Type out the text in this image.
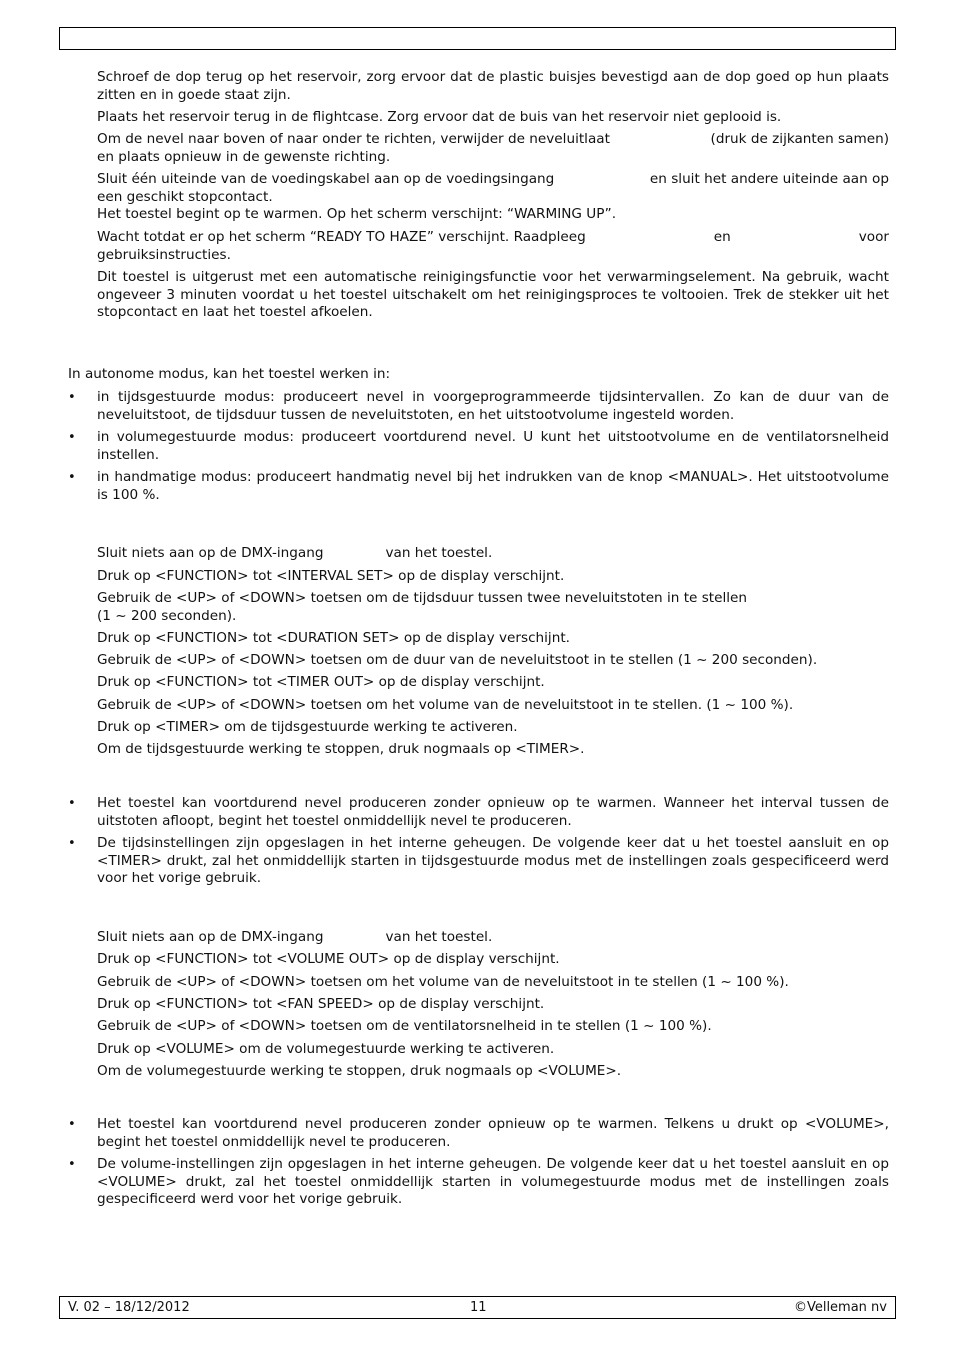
Schroef de dop terug op het reservoir, zorg ervoor dat de plastic buisjes bevestigd aan de dop goed op hun plaats zitten en in goede staat zijn.

Plaats het reservoir terug in de flightcase. Zorg ervoor dat de buis van het reservoir niet geplooid is.

Om de nevel naar boven of naar onder te richten, verwijder de neveluitlaat	(druk de zijkanten samen)
en plaats opnieuw in de gewenste richting.
Sluit één uiteinde van de voedingskabel aan op de voedingsingang	en sluit het andere uiteinde aan op
een geschikt stopcontact.
Het toestel begint op te warmen. Op het scherm verschijnt: “WARMING UP”.
Wacht totdat er op het scherm “READY TO HAZE” verschijnt. Raadpleeg	en	voor
gebruiksinstructies.

Dit toestel is uitgerust met een automatische reinigingsfunctie voor het verwarmingselement. Na gebruik, wacht ongeveer 3 minuten voordat u het toestel uitschakelt om het reinigingsproces te voltooien. Trek de stekker uit het stopcontact en laat het toestel afkoelen.

In autonome modus, kan het toestel werken in:

•	in tijdsgestuurde modus: produceert nevel in voorgeprogrammeerde tijdsintervallen. Zo kan de duur van de neveluitstoot, de tijdsduur tussen de neveluitstoten, en het uitstootvolume ingesteld worden.

•	in volumegestuurde modus: produceert voortdurend nevel. U kunt het uitstootvolume en de ventilatorsnelheid instellen.

•	in handmatige modus: produceert handmatig nevel bij het indrukken van de knop <MANUAL>. Het uitstootvolume is 100 %.

Sluit niets aan op de DMX-ingang	van het toestel.

Druk op <FUNCTION> tot <INTERVAL SET> op de display verschijnt.

Gebruik de <UP> of <DOWN> toetsen om de tijdsduur tussen twee neveluitstoten in te stellen
(1 ~ 200 seconden).

Druk op <FUNCTION> tot <DURATION SET> op de display verschijnt.

Gebruik de <UP> of <DOWN> toetsen om de duur van de neveluitstoot in te stellen (1 ~ 200 seconden).

Druk op <FUNCTION> tot <TIMER OUT> op de display verschijnt.

Gebruik de <UP> of <DOWN> toetsen om het volume van de neveluitstoot in te stellen. (1 ~ 100 %).

Druk op <TIMER> om de tijdsgestuurde werking te activeren.

Om de tijdsgestuurde werking te stoppen, druk nogmaals op <TIMER>.

•	Het toestel kan voortdurend nevel produceren zonder opnieuw op te warmen. Wanneer het interval tussen de uitstoten afloopt, begint het toestel onmiddellijk nevel te produceren.

•	De tijdsinstellingen zijn opgeslagen in het interne geheugen. De volgende keer dat u het toestel aansluit en op <TIMER> drukt, zal het onmiddellijk starten in tijdsgestuurde modus met de instellingen zoals gespecificeerd werd voor het vorige gebruik.

Sluit niets aan op de DMX-ingang	van het toestel.

Druk op <FUNCTION> tot <VOLUME OUT> op de display verschijnt.

Gebruik de <UP> of <DOWN> toetsen om het volume van de neveluitstoot in te stellen (1 ~ 100 %).

Druk op <FUNCTION> tot <FAN SPEED> op de display verschijnt.

Gebruik de <UP> of <DOWN> toetsen om de ventilatorsnelheid in te stellen (1 ~ 100 %).

Druk op <VOLUME> om de volumegestuurde werking te activeren.

Om de volumegestuurde werking te stoppen, druk nogmaals op <VOLUME>.

•	Het toestel kan voortdurend nevel produceren zonder opnieuw op te warmen. Telkens u drukt op <VOLUME>, begint het toestel onmiddellijk nevel te produceren.

•	De volume-instellingen zijn opgeslagen in het interne geheugen. De volgende keer dat u het toestel aansluit en op <VOLUME> drukt, zal het toestel onmiddellijk starten in volumegestuurde modus met de instellingen zoals gespecificeerd werd voor het vorige gebruik.

V. 02 – 18/12/2012	11	©Velleman nv
